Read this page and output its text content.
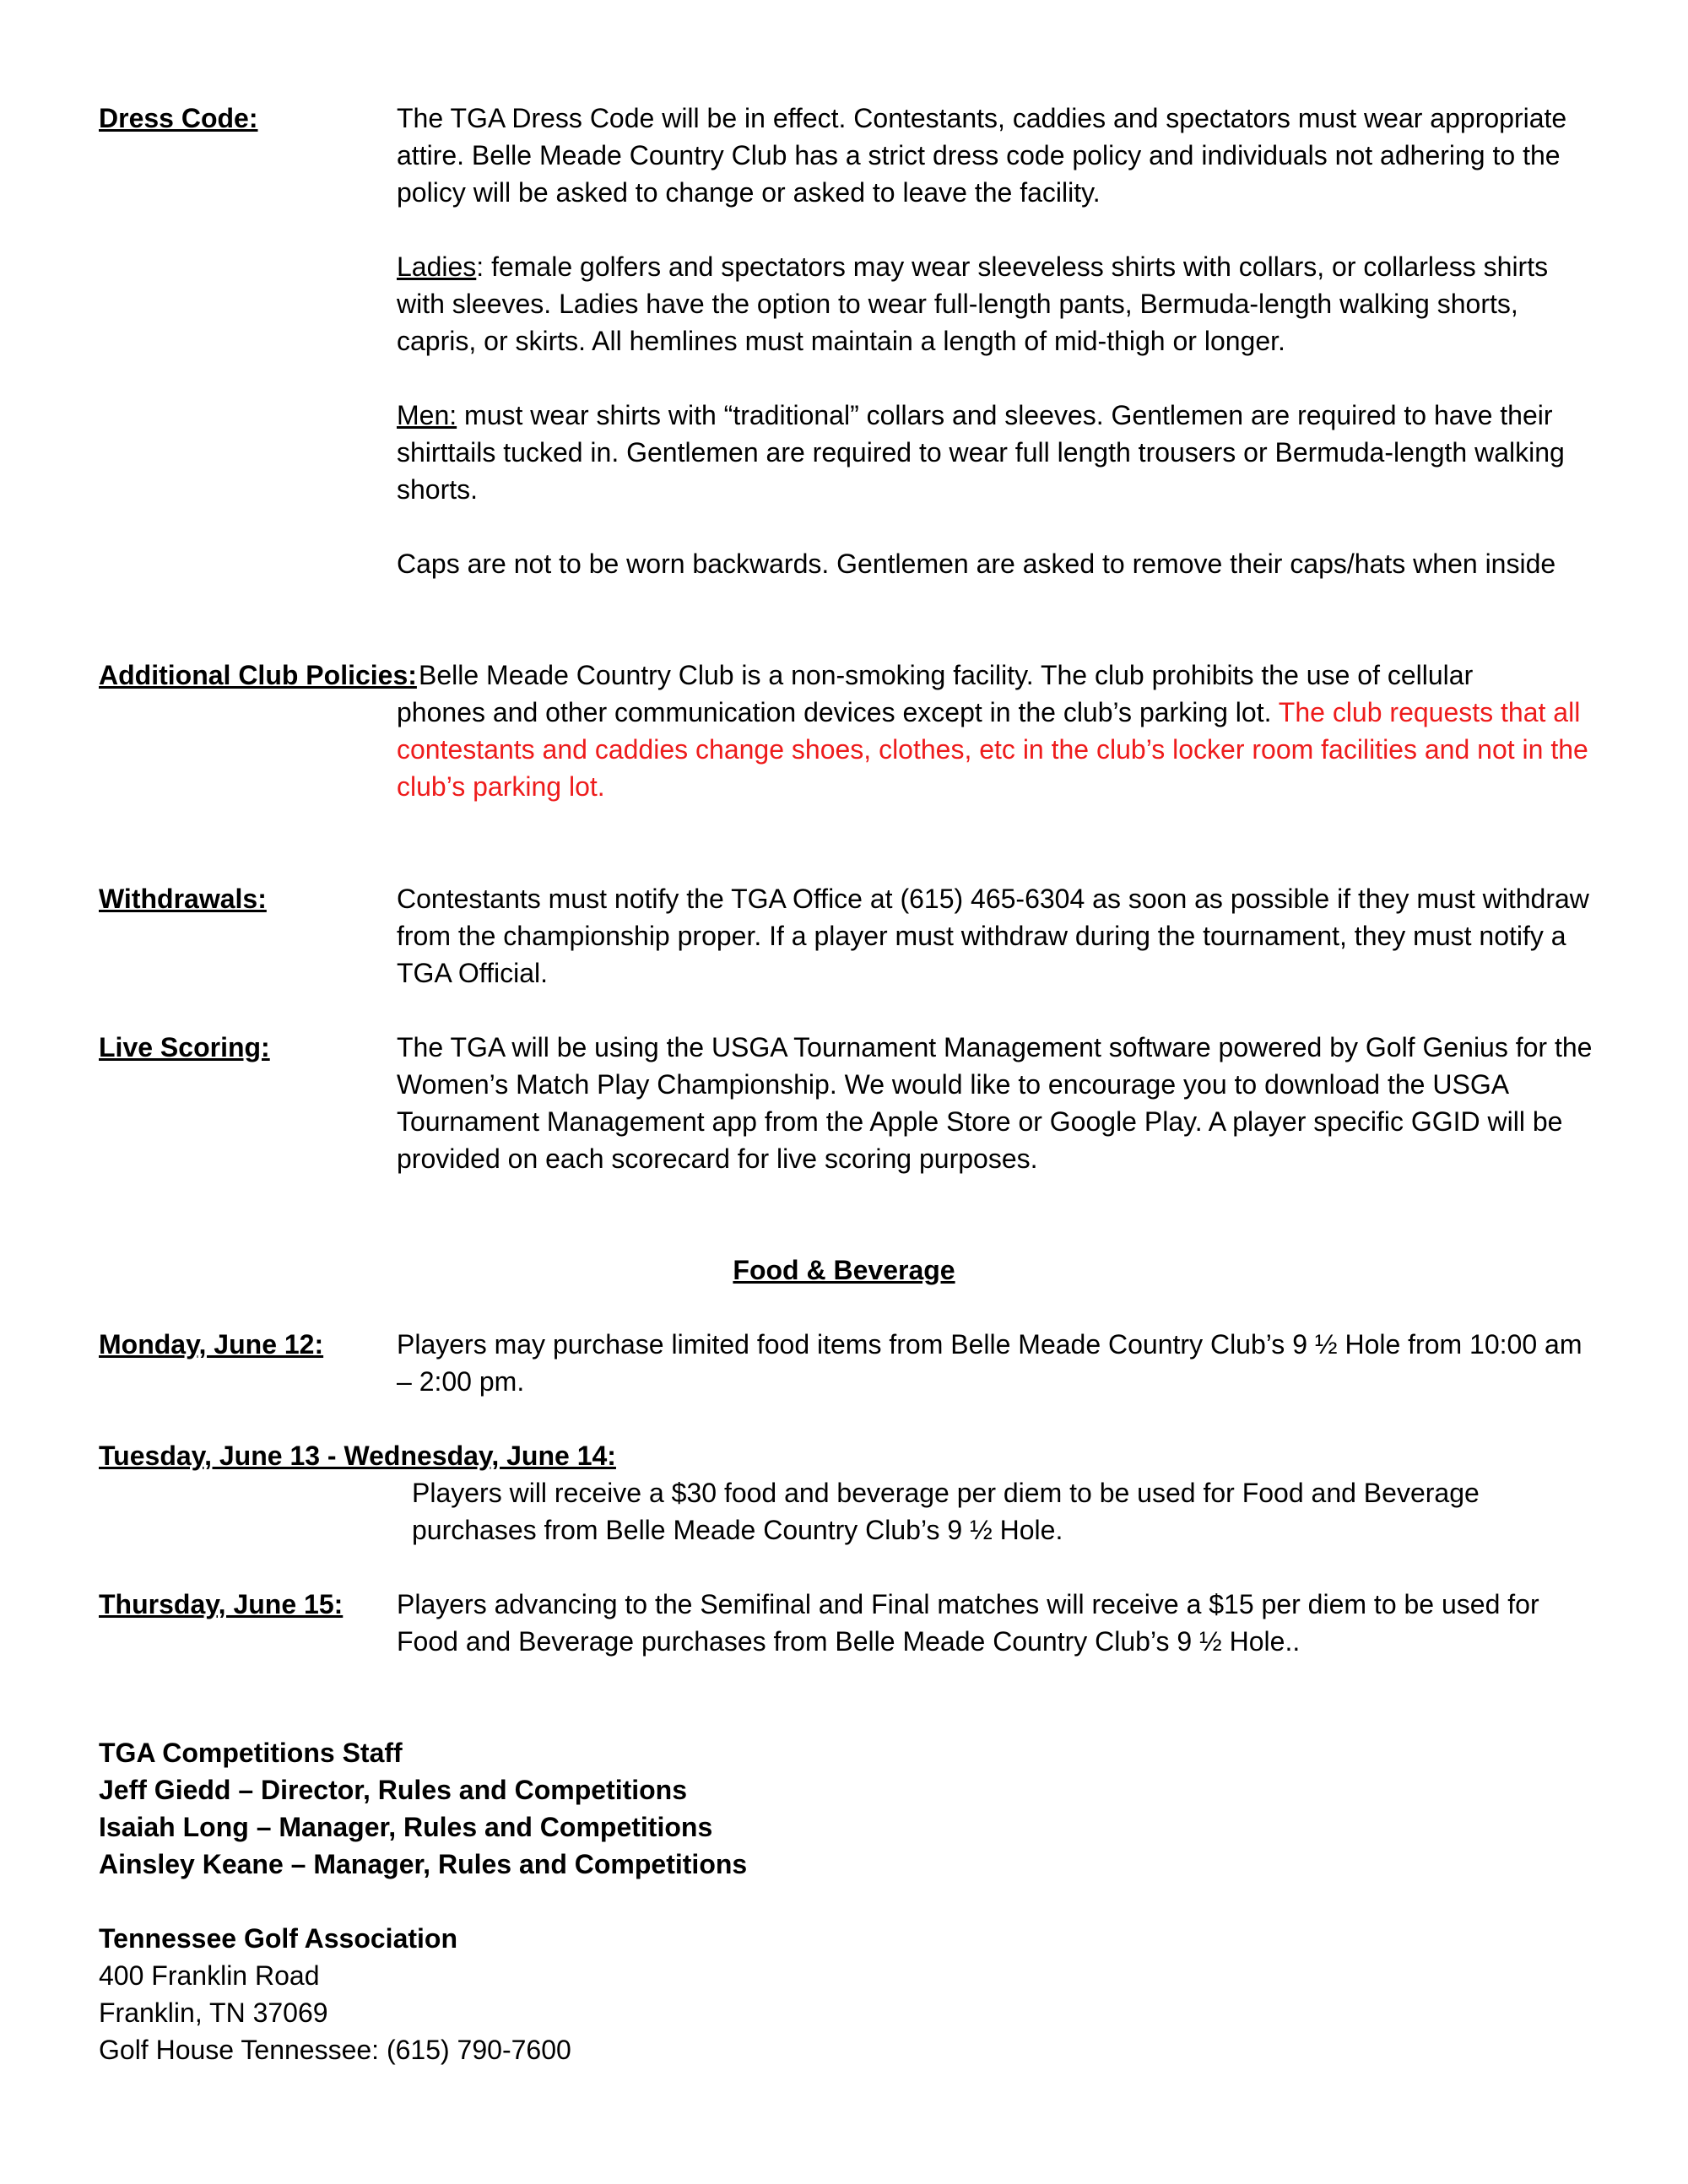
Dress Code:	The TGA Dress Code will be in effect. Contestants, caddies and spectators must wear appropriate attire. Belle Meade Country Club has a strict dress code policy and individuals not adhering to the policy will be asked to change or asked to leave the facility.
Ladies: female golfers and spectators may wear sleeveless shirts with collars, or collarless shirts with sleeves. Ladies have the option to wear full-length pants, Bermuda-length walking shorts, capris, or skirts. All hemlines must maintain a length of mid-thigh or longer.
Men: must wear shirts with “traditional” collars and sleeves. Gentlemen are required to have their shirttails tucked in. Gentlemen are required to wear full length trousers or Bermuda-length walking shorts.
Caps are not to be worn backwards. Gentlemen are asked to remove their caps/hats when inside
Additional Club Policies: Belle Meade Country Club is a non-smoking facility. The club prohibits the use of cellular
phones and other communication devices except in the club’s parking lot. The club requests that all contestants and caddies change shoes, clothes, etc in the club’s locker room facilities and not in the club’s parking lot.
Withdrawals:	Contestants must notify the TGA Office at (615) 465-6304 as soon as possible if they must withdraw from the championship proper. If a player must withdraw during the tournament, they must notify a TGA Official.
Live Scoring:	The TGA will be using the USGA Tournament Management software powered by Golf Genius for the Women’s Match Play Championship. We would like to encourage you to download the USGA Tournament Management app from the Apple Store or Google Play. A player specific GGID will be provided on each scorecard for live scoring purposes.
Food & Beverage
Monday, June 12:	Players may purchase limited food items from Belle Meade Country Club’s 9 ½ Hole from 10:00 am – 2:00 pm.
Tuesday, June 13 - Wednesday, June 14:
Players will receive a $30 food and beverage per diem to be used for Food and Beverage purchases from Belle Meade Country Club’s 9 ½ Hole.
Thursday, June 15: Players advancing to the Semifinal and Final matches will receive a $15 per diem to be used for Food and Beverage purchases from Belle Meade Country Club’s 9 ½ Hole..
TGA Competitions Staff
Jeff Giedd – Director, Rules and Competitions
Isaiah Long – Manager, Rules and Competitions
Ainsley Keane – Manager, Rules and Competitions
Tennessee Golf Association
400 Franklin Road
Franklin, TN 37069
Golf House Tennessee: (615) 790-7600
